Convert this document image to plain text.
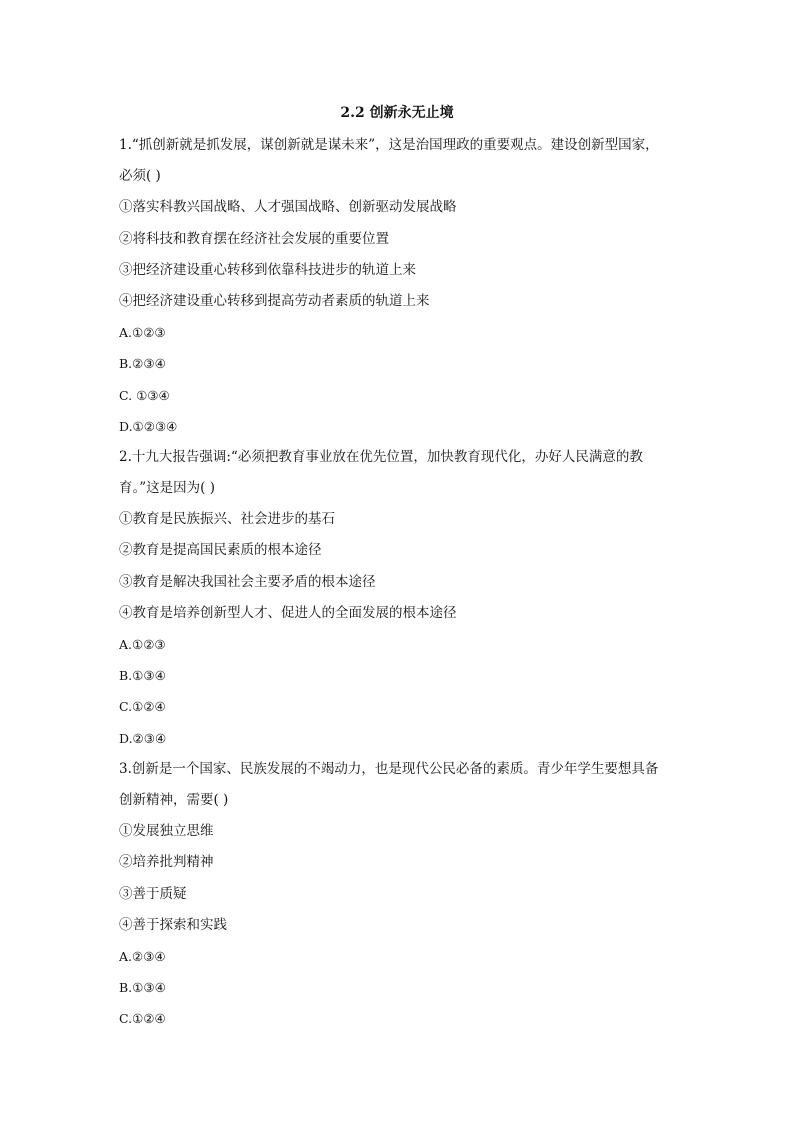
2.2 创新永无止境
1.“抓创新就是抓发展，谋创新就是谋未来”，这是治国理政的重要观点。建设创新型国家，
必须( )
①落实科教兴国战略、人才强国战略、创新驱动发展战略
②将科技和教育摆在经济社会发展的重要位置
③把经济建设重心转移到依靠科技进步的轨道上来
④把经济建设重心转移到提高劳动者素质的轨道上来
A.①②③
B.②③④
C. ①③④
D.①②③④
2.十九大报告强调:“必须把教育事业放在优先位置，加快教育现代化，办好人民满意的教
育。”这是因为( )
①教育是民族振兴、社会进步的基石
②教育是提高国民素质的根本途径
③教育是解决我国社会主要矛盾的根本途径
④教育是培养创新型人才、促进人的全面发展的根本途径
A.①②③
B.①③④
C.①②④
D.②③④
3.创新是一个国家、民族发展的不竭动力，也是现代公民必备的素质。青少年学生要想具备
创新精神，需要( )
①发展独立思维
②培养批判精神
③善于质疑
④善于探索和实践
A.②③④
B.①③④
C.①②④
